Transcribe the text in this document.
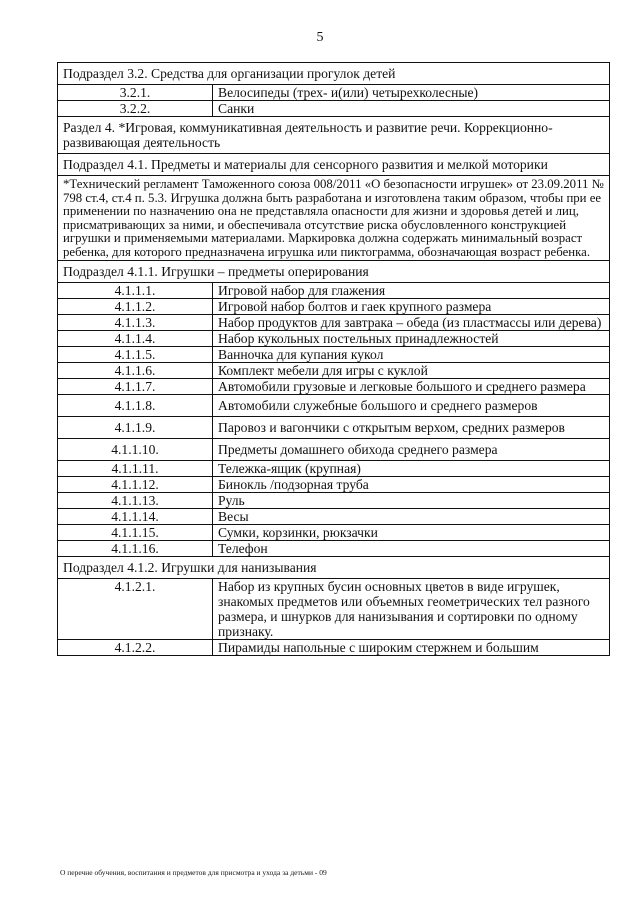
5
Подраздел 3.2. Средства для организации прогулок детей	
3.2.1.	Велосипеды (трех- и(или) четырехколесные)
3.2.2.	Санки
Раздел 4. *Игровая, коммуникативная деятельность и развитие речи. Коррекционно-развивающая деятельность	
Подраздел 4.1. Предметы и материалы для сенсорного развития и мелкой моторики	
*Технический регламент Таможенного союза 008/2011 «О безопасности игрушек» от 23.09.2011 № 798 ст.4, ст.4 п. 5.3. Игрушка должна быть разработана и изготовлена таким образом, чтобы при ее применении по назначению она не представляла опасности для жизни и здоровья детей и лиц, присматривающих за ними, и обеспечивала отсутствие риска обусловленного конструкцией игрушки и применяемыми материалами. Маркировка должна содержать минимальный возраст ребенка, для которого предназначена игрушка или пиктограмма, обозначающая возраст ребенка.	
Подраздел 4.1.1. Игрушки – предметы оперирования	
4.1.1.1.	Игровой набор для глажения
4.1.1.2.	Игровой набор болтов и гаек крупного размера
4.1.1.3.	Набор продуктов для завтрака – обеда (из пластмассы или дерева)
4.1.1.4.	Набор кукольных постельных принадлежностей
4.1.1.5.	Ванночка для купания кукол
4.1.1.6.	Комплект мебели для игры с куклой
4.1.1.7.	Автомобили грузовые и легковые большого и среднего размера
4.1.1.8.	Автомобили служебные большого и среднего размеров
4.1.1.9.	Паровоз и вагончики с открытым верхом, средних размеров
4.1.1.10.	Предметы домашнего обихода среднего размера
4.1.1.11.	Тележка-ящик (крупная)
4.1.1.12.	Бинокль /подзорная труба
4.1.1.13.	Руль
4.1.1.14.	Весы
4.1.1.15.	Сумки, корзинки, рюкзачки
4.1.1.16.	Телефон
Подраздел 4.1.2. Игрушки для нанизывания	
4.1.2.1.	Набор из крупных бусин основных цветов в виде игрушек, знакомых предметов или объемных геометрических тел разного размера, и шнурков для нанизывания и сортировки по одному признаку.
4.1.2.2.	Пирамиды напольные с широким стержнем и большим
О перечне обучения, воспитания и предметов для присмотра и ухода за детьми - 09
